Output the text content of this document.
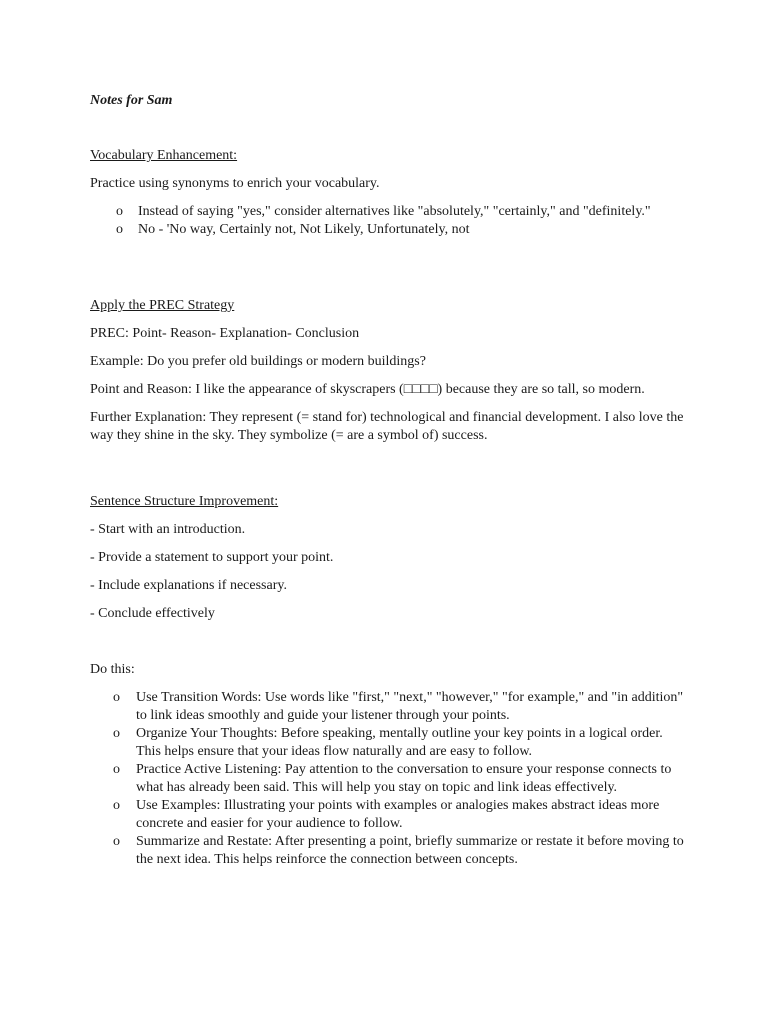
Notes for Sam

Vocabulary Enhancement:

Practice using synonyms to enrich your vocabulary.

o Instead of saying "yes," consider alternatives like "absolutely," "certainly," and "definitely."
o No - 'No way, Certainly not, Not Likely, Unfortunately, not

Apply the PREC Strategy

PREC: Point- Reason- Explanation- Conclusion

Example: Do you prefer old buildings or modern buildings?

Point and Reason: I like the appearance of skyscrapers (□□□□) because they are so tall, so modern.

Further Explanation: They represent (= stand for) technological and financial development. I also love the way they shine in the sky. They symbolize (= are a symbol of) success.

Sentence Structure Improvement:

- Start with an introduction.

- Provide a statement to support your point.

- Include explanations if necessary.

- Conclude effectively

Do this:

o Use Transition Words: Use words like "first," "next," "however," "for example," and "in addition" to link ideas smoothly and guide your listener through your points.
o Organize Your Thoughts: Before speaking, mentally outline your key points in a logical order. This helps ensure that your ideas flow naturally and are easy to follow.
o Practice Active Listening: Pay attention to the conversation to ensure your response connects to what has already been said. This will help you stay on topic and link ideas effectively.
o Use Examples: Illustrating your points with examples or analogies makes abstract ideas more concrete and easier for your audience to follow.
o Summarize and Restate: After presenting a point, briefly summarize or restate it before moving to the next idea. This helps reinforce the connection between concepts.
